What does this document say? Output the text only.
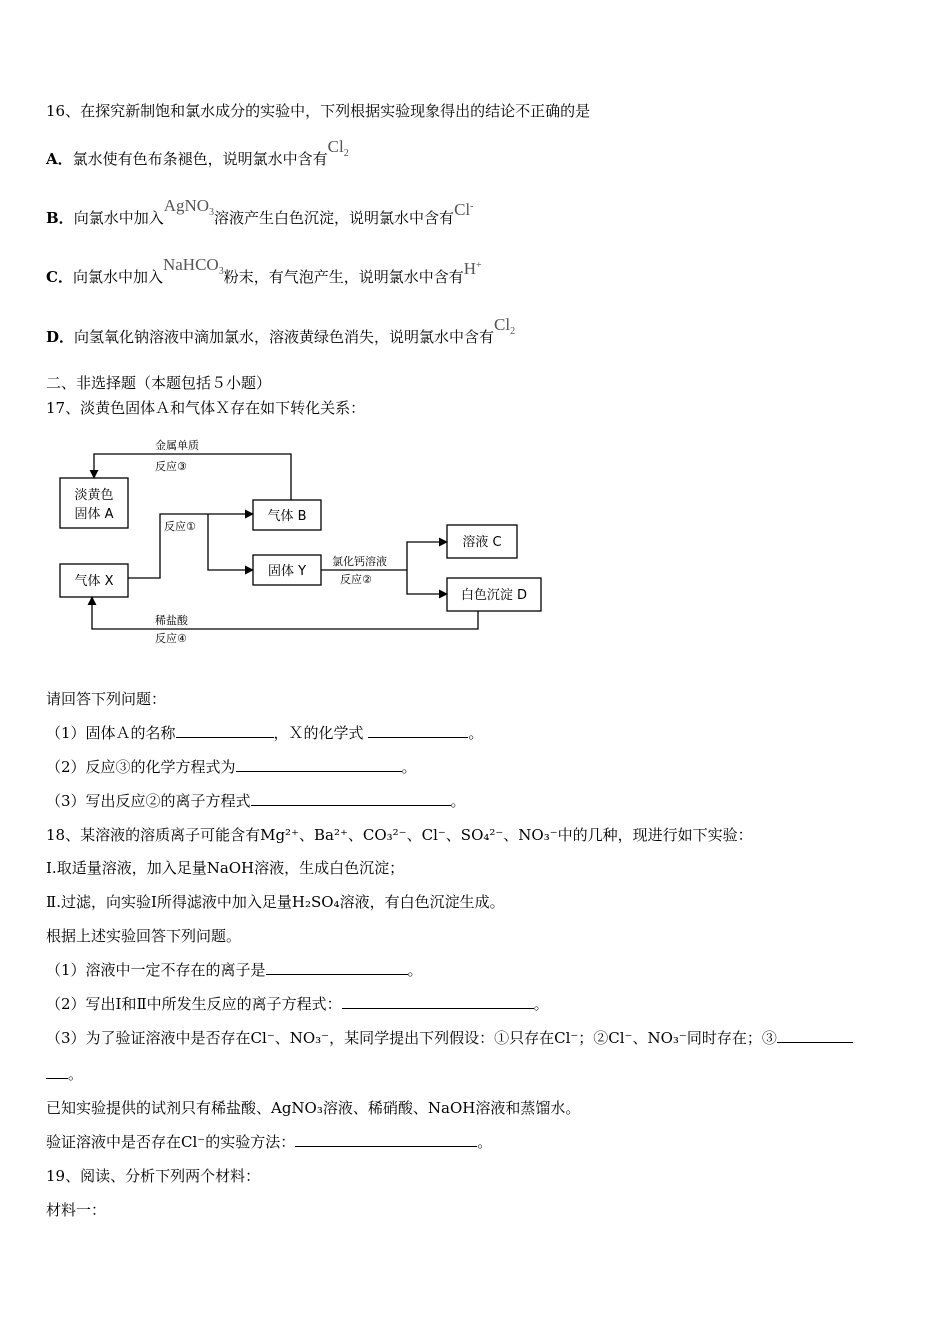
16、在探究新制饱和氯水成分的实验中，下列根据实验现象得出的结论不正确的是
A．氯水使有色布条褪色，说明氯水中含有$Cl_2$
B．向氯水中加入AgNO$_3$溶液产生白色沉淀，说明氯水中含有Cl-
C．向氯水中加入NaHCO$_3$粉末，有气泡产生，说明氯水中含有H+
D．向氢氧化钠溶液中滴加氯水，溶液黄绿色消失，说明氯水中含有$Cl_2$
二、非选择题（本题包括５小题）
17、淡黄色固体Ａ和气体Ｘ存在如下转化关系：
淡黄色
固体 A
气体 X
气体 B
固体 Y
溶液 C
白色沉淀 D
金属单质
反应③
反应①
氯化钙溶液
反应②
稀盐酸
反应④
请回答下列问题：
（1）固体Ａ的名称	，Ｘ的化学式	。
（2）反应③的化学方程式为	。
（3）写出反应②的离子方程式	。
18、某溶液的溶质离子可能含有Mg²⁺、Ba²⁺、CO₃²⁻、Cl⁻、SO₄²⁻、NO₃⁻中的几种，现进行如下实验：
Ⅰ.取适量溶液，加入足量NaOH溶液，生成白色沉淀；
Ⅱ.过滤，向实验Ⅰ所得滤液中加入足量H₂SO₄溶液，有白色沉淀生成。
根据上述实验回答下列问题。
（1）溶液中一定不存在的离子是	。
（2）写出Ⅰ和Ⅱ中所发生反应的离子方程式：	。
（3）为了验证溶液中是否存在Cl⁻、NO₃⁻，某同学提出下列假设：①只存在Cl⁻；②Cl⁻、NO₃⁻同时存在；③
。
已知实验提供的试剂只有稀盐酸、AgNO₃溶液、稀硝酸、NaOH溶液和蒸馏水。
验证溶液中是否存在Cl⁻的实验方法：	。
19、阅读、分析下列两个材料：
材料一：
